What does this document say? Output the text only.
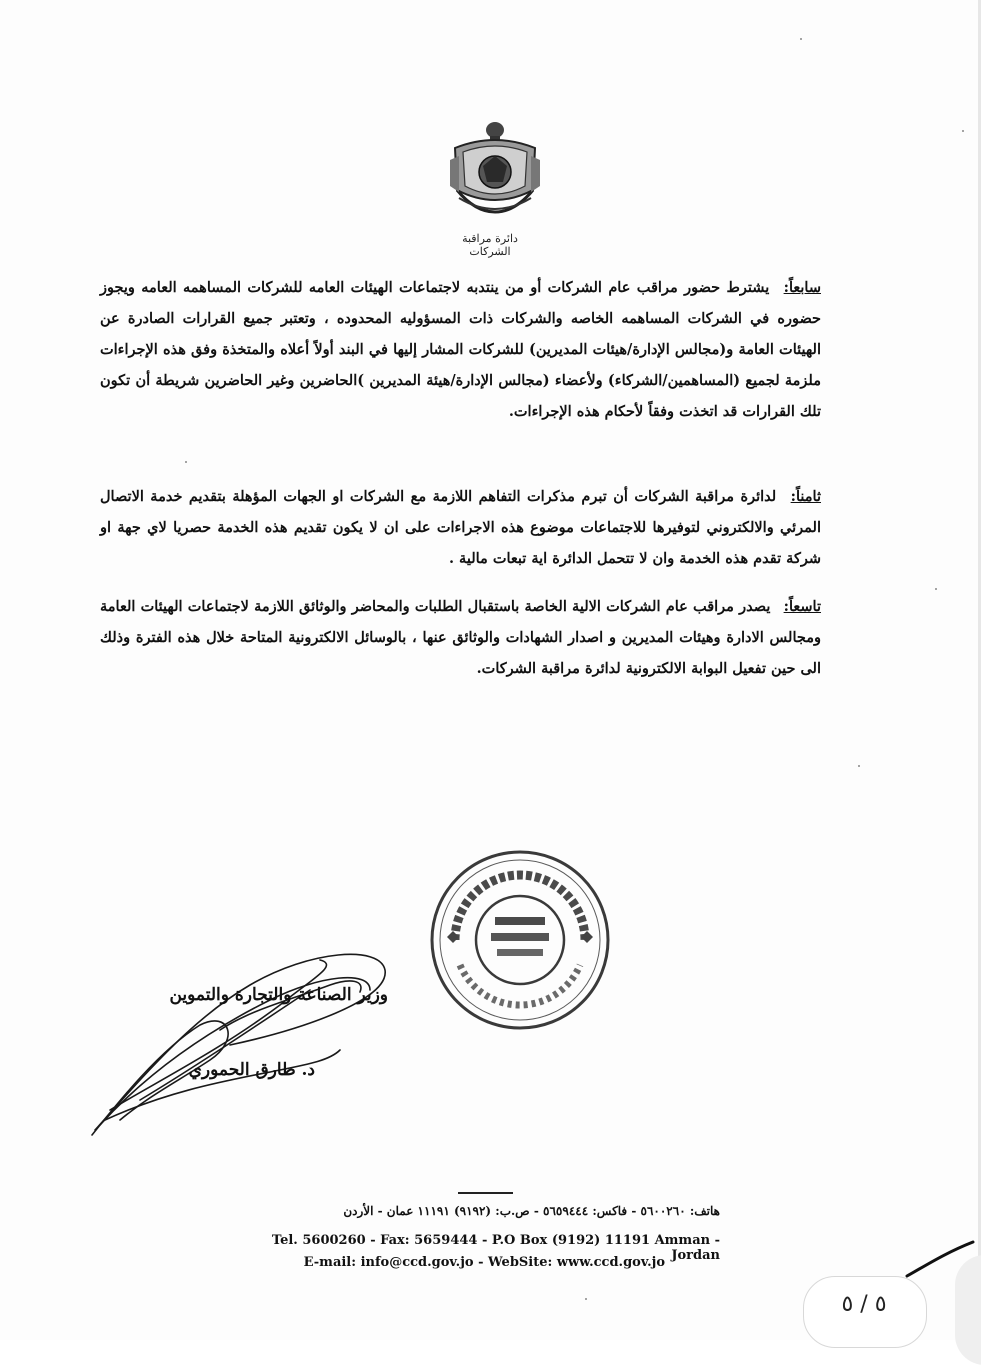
دائرة مراقبة الشركات
سابعاً: يشترط حضور مراقب عام الشركات أو من ينتدبه لاجتماعات الهيئات العامه للشركات المساهمه العامه ويجوز حضوره في الشركات المساهمه الخاصه والشركات ذات المسؤوليه المحدوده ، وتعتبر جميع القرارات الصادرة عن الهيئات العامة و(مجالس الإدارة/هيئات المديرين) للشركات المشار إليها في البند أولاً أعلاه والمتخذة وفق هذه الإجراءات ملزمة لجميع (المساهمين/الشركاء) ولأعضاء (مجالس الإدارة/هيئة المديرين )الحاضرين وغير الحاضرين شريطة أن تكون تلك القرارات قد اتخذت وفقاً لأحكام هذه الإجراءات.
ثامناً: لدائرة مراقبة الشركات أن تبرم مذكرات التفاهم اللازمة مع الشركات او الجهات المؤهلة بتقديم خدمة الاتصال المرئي والالكتروني لتوفيرها للاجتماعات موضوع هذه الاجراءات على ان لا يكون تقديم هذه الخدمة حصريا لاي جهة او شركة تقدم هذه الخدمة وان لا تتحمل الدائرة اية تبعات مالية .
تاسعاً: يصدر مراقب عام الشركات الالية الخاصة باستقبال الطلبات والمحاضر والوثائق اللازمة لاجتماعات الهيئات العامة ومجالس الادارة وهيئات المديرين و اصدار الشهادات والوثائق عنها ، بالوسائل الالكترونية المتاحة خلال هذه الفترة وذلك الى حين تفعيل البوابة الالكترونية لدائرة مراقبة الشركات.
وزير الصناعة والتجارة والتموين
د. طارق الحموري
هاتف: ٥٦٠٠٢٦٠ - فاكس: ٥٦٥٩٤٤٤ - ص.ب: (٩١٩٢) ١١١٩١ عمان - الأردن
Tel. 5600260 - Fax: 5659444 - P.O Box (9192) 11191 Amman - Jordan
E-mail: info@ccd.gov.jo - WebSite: www.ccd.gov.jo
٥ / ٥
